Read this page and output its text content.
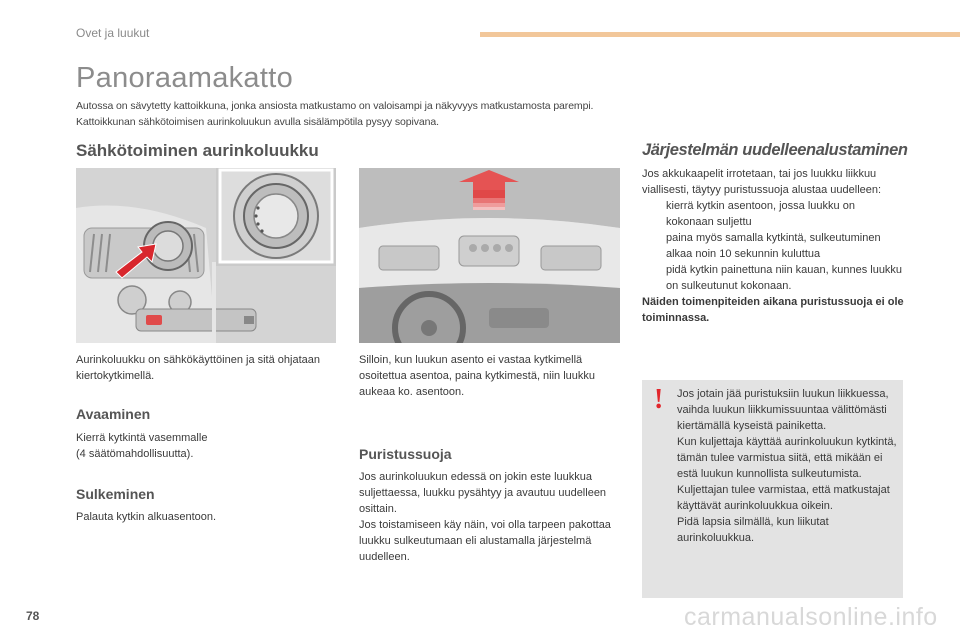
Ovet ja luukut
Panoraamakatto
Autossa on sävytetty kattoikkuna, jonka ansiosta matkustamo on valoisampi ja näkyvyys matkustamosta parempi. Kattoikkunan sähkötoimisen aurinkoluukun avulla sisälämpötila pysyy sopivana.
Sähkötoiminen aurinkoluukku

Aurinkoluukku on sähkökäyttöinen ja sitä ohjataan kiertokytkimellä.

Avaaminen

Kierrä kytkintä vasemmalle
(4 säätömahdollisuutta).

Sulkeminen

Palauta kytkin alkuasentoon.

Silloin, kun luukun asento ei vastaa kytkimellä osoitettua asentoa, paina kytkimestä, niin luukku aukeaa ko. asentoon.

Puristussuoja

Jos aurinkoluukun edessä on jokin este luukkua suljettaessa, luukku pysähtyy ja avautuu uudelleen osittain.
Jos toistamiseen käy näin, voi olla tarpeen pakottaa luukku sulkeutumaan eli alustamalla järjestelmä uudelleen.

Järjestelmän uudelleenalustaminen
Jos akkukaapelit irrotetaan, tai jos luukku liikkuu viallisesti, täytyy puristussuoja alustaa uudelleen:
kierrä kytkin asentoon, jossa luukku on kokonaan suljettu
paina myös samalla kytkintä, sulkeutuminen alkaa noin 10 sekunnin kuluttua
pidä kytkin painettuna niin kauan, kunnes luukku on sulkeutunut kokonaan.
Näiden toimenpiteiden aikana puristussuoja ei ole toiminnassa.
! Jos jotain jää puristuksiin luukun liikkuessa, vaihda luukun liikkumissuuntaa välittömästi kiertämällä kyseistä painiketta.
Kun kuljettaja käyttää aurinkoluukun kytkintä, tämän tulee varmistua siitä, että mikään ei estä luukun kunnollista sulkeutumista.
Kuljettajan tulee varmistaa, että matkustajat käyttävät aurinkoluukkua oikein.
Pidä lapsia silmällä, kun liikutat aurinkoluukkua.
78	carmanualsonline.info
